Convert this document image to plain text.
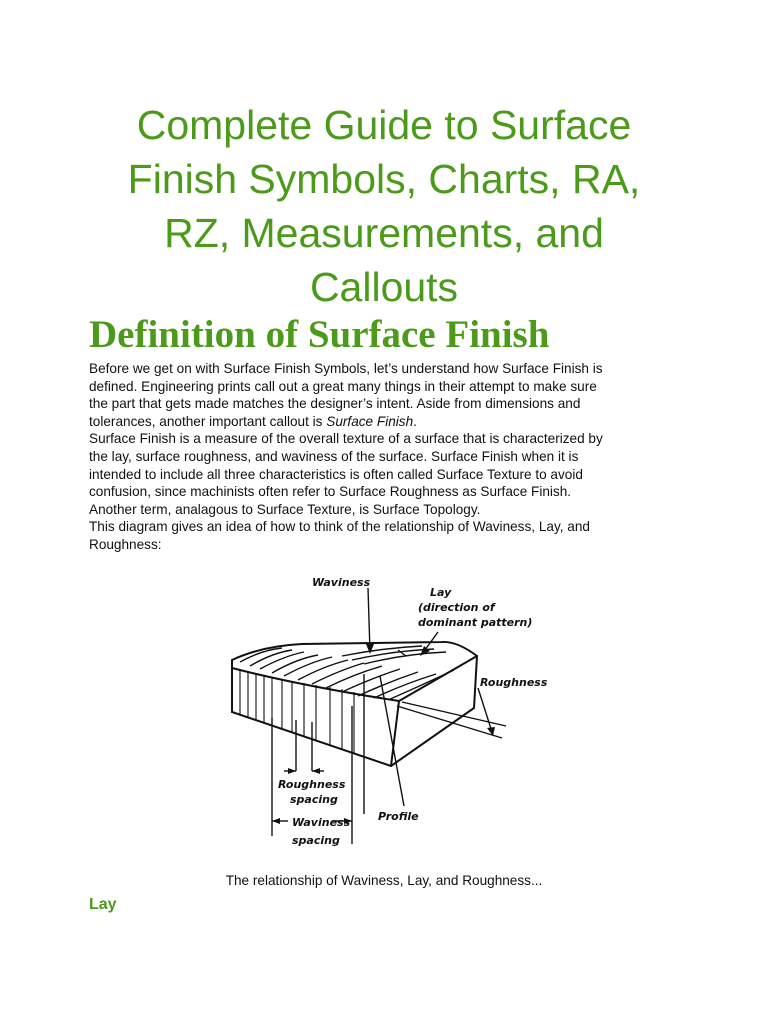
Complete Guide to Surface
Finish Symbols, Charts, RA,
RZ, Measurements, and
Callouts
Definition of Surface Finish
Before we get on with Surface Finish Symbols, let’s understand how Surface Finish is
defined. Engineering prints call out a great many things in their attempt to make sure
the part that gets made matches the designer’s intent. Aside from dimensions and
tolerances, another important callout is Surface Finish.
Surface Finish is a measure of the overall texture of a surface that is characterized by
the lay, surface roughness, and waviness of the surface. Surface Finish when it is
intended to include all three characteristics is often called Surface Texture to avoid
confusion, since machinists often refer to Surface Roughness as Surface Finish.
Another term, analagous to Surface Texture, is Surface Topology.
This diagram gives an idea of how to think of the relationship of Waviness, Lay, and
Roughness:
Waviness
Lay
(direction of
dominant pattern)
Roughness
Roughness
spacing
Profile
Waviness
spacing
The relationship of Waviness, Lay, and Roughness...
Lay
